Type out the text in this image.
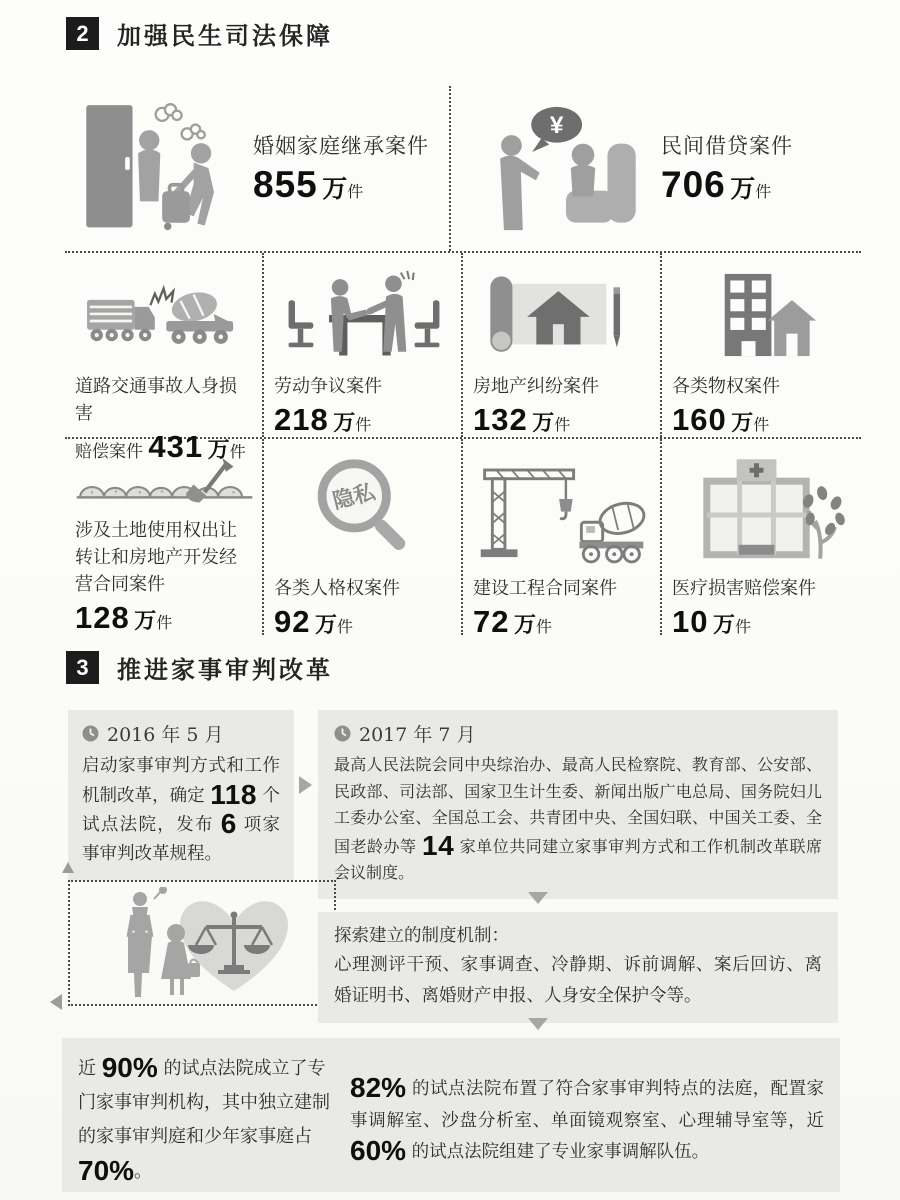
2	加强民生司法保障
婚姻家庭继承案件
855 万件
¥
民间借贷案件
706 万件
道路交通事故人身损害
赔偿案件 431 万件
劳动争议案件
218 万件
房地产纠纷案件
132 万件
各类物权案件
160 万件
涉及土地使用权出让转让和房地产开发经营合同案件
128 万件
隐私
各类人格权案件
92 万件
建设工程合同案件
72 万件
医疗损害赔偿案件
10 万件
3	推进家事审判改革
2016 年 5 月
启动家事审判方式和工作机制改革，确定 118 个试点法院，发布 6 项家事审判改革规程。
2017 年 7 月
最高人民法院会同中央综治办、最高人民检察院、教育部、公安部、民政部、司法部、国家卫生计生委、新闻出版广电总局、国务院妇儿工委办公室、全国总工会、共青团中央、全国妇联、中国关工委、全国老龄办等 14 家单位共同建立家事审判方式和工作机制改革联席会议制度。
探索建立的制度机制：
心理测评干预、家事调查、冷静期、诉前调解、案后回访、离婚证明书、离婚财产申报、人身安全保护令等。
近 90% 的试点法院成立了专门家事审判机构，其中独立建制的家事审判庭和少年家事庭占 70%。
82% 的试点法院布置了符合家事审判特点的法庭，配置家事调解室、沙盘分析室、单面镜观察室、心理辅导室等，近 60% 的试点法院组建了专业家事调解队伍。
